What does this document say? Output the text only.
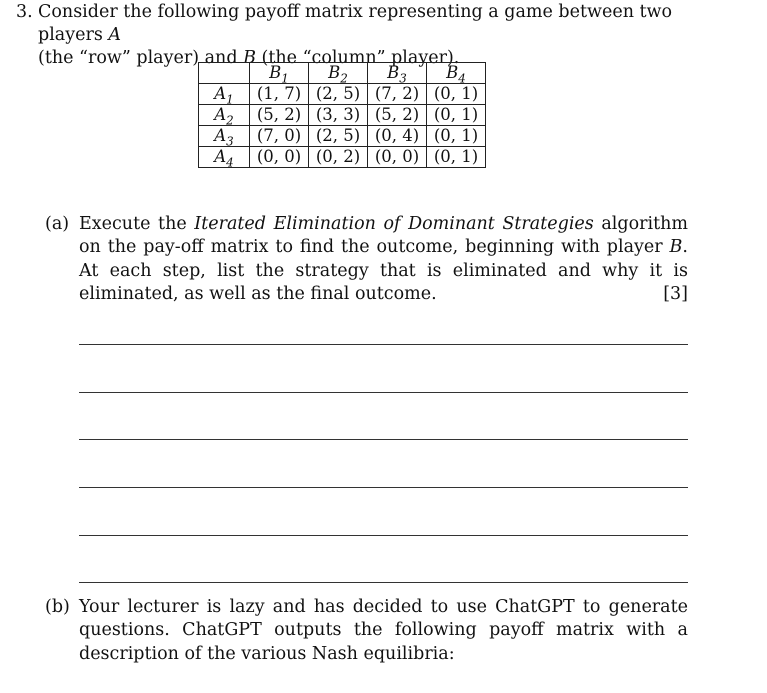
3. Consider the following payoff matrix representing a game between two players A
(the “row” player) and B (the “column” player).
	$B_1$	$B_2$	$B_3$	$B_4$
$A_1$	(1, 7)	(2, 5)	(7, 2)	(0, 1)
$A_2$	(5, 2)	(3, 3)	(5, 2)	(0, 1)
$A_3$	(7, 0)	(2, 5)	(0, 4)	(0, 1)
$A_4$	(0, 0)	(0, 2)	(0, 0)	(0, 1)
(a) Execute the Iterated Elimination of Dominant Strategies algorithm on the pay-off matrix to find the outcome, beginning with player B. At each step, list the strategy that is eliminated and why it is eliminated, as well as the final outcome.	[3]
(b) Your lecturer is lazy and has decided to use ChatGPT to generate questions. ChatGPT outputs the following payoff matrix with a description of the various Nash equilibria:
